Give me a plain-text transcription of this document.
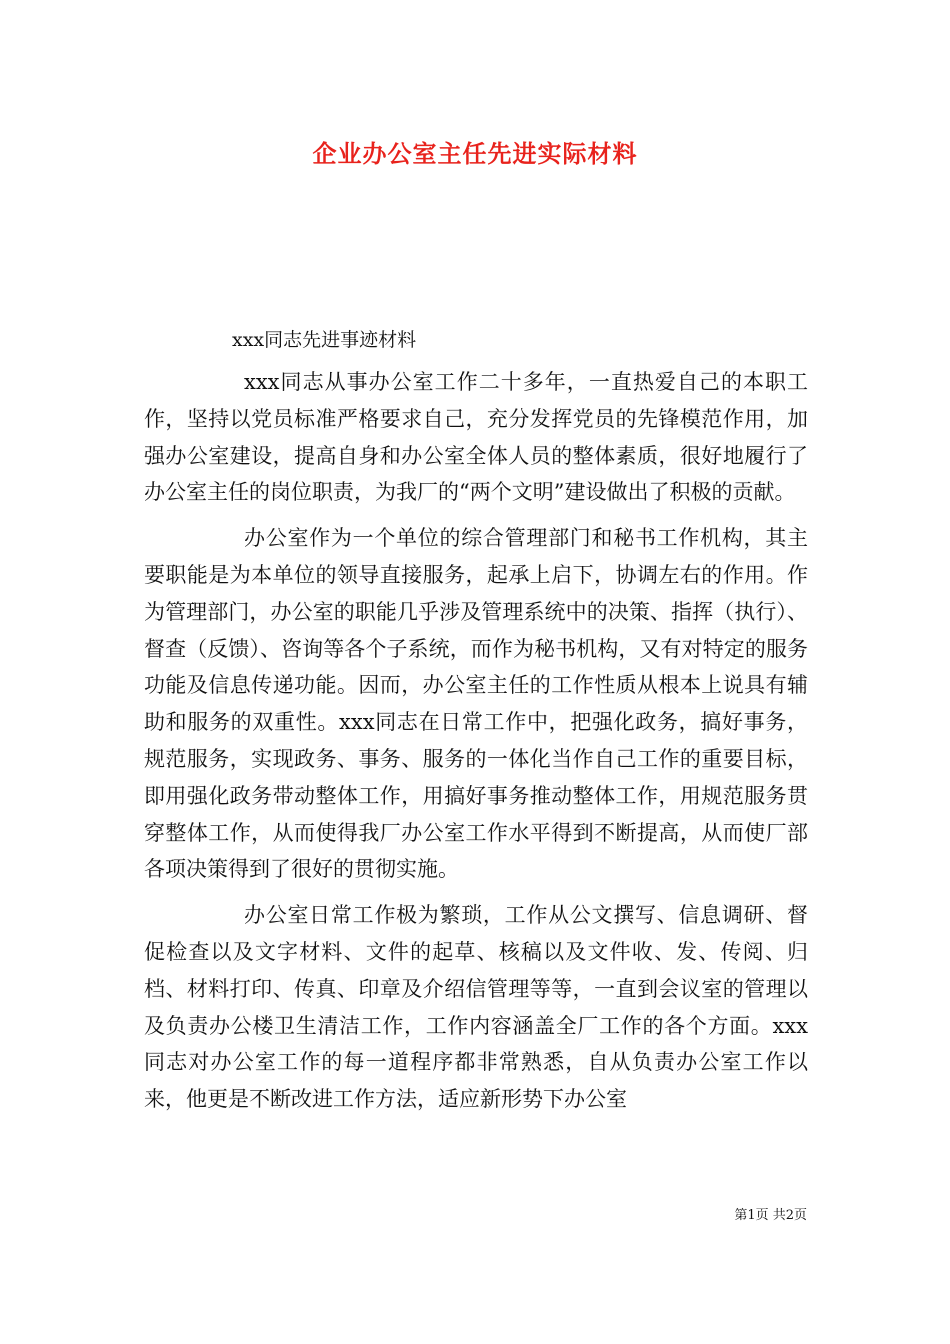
企业办公室主任先进实际材料
xxx同志先进事迹材料

xxx同志从事办公室工作二十多年，一直热爱自己的本职工作，坚持以党员标准严格要求自己，充分发挥党员的先锋模范作用，加强办公室建设，提高自身和办公室全体人员的整体素质，很好地履行了办公室主任的岗位职责，为我厂的“两个文明”建设做出了积极的贡献。

办公室作为一个单位的综合管理部门和秘书工作机构，其主要职能是为本单位的领导直接服务，起承上启下，协调左右的作用。作为管理部门，办公室的职能几乎涉及管理系统中的决策、指挥（执行）、督查（反馈）、咨询等各个子系统，而作为秘书机构，又有对特定的服务功能及信息传递功能。因而，办公室主任的工作性质从根本上说具有辅助和服务的双重性。xxx同志在日常工作中，把强化政务，搞好事务，规范服务，实现政务、事务、服务的一体化当作自己工作的重要目标，即用强化政务带动整体工作，用搞好事务推动整体工作，用规范服务贯穿整体工作，从而使得我厂办公室工作水平得到不断提高，从而使厂部各项决策得到了很好的贯彻实施。

办公室日常工作极为繁琐，工作从公文撰写、信息调研、督促检查以及文字材料、文件的起草、核稿以及文件收、发、传阅、归档、材料打印、传真、印章及介绍信管理等等，一直到会议室的管理以及负责办公楼卫生清洁工作，工作内容涵盖全厂工作的各个方面。xxx同志对办公室工作的每一道程序都非常熟悉，自从负责办公室工作以来，他更是不断改进工作方法，适应新形势下办公室

第1页 共2页
